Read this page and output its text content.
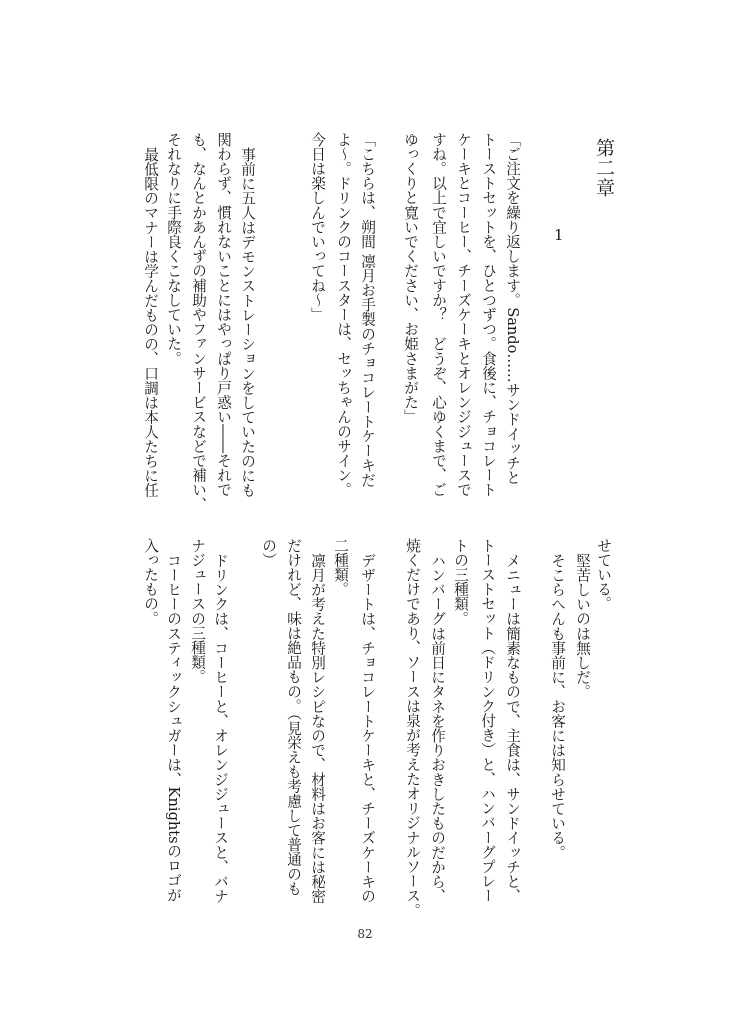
第二章
1
「ご注文を繰り返します。Sando……サンドイッチと
トーストセットを、ひとつずつ。食後に、チョコレート
ケーキとコーヒー、チーズケーキとオレンジジュースで
すね。以上で宜しいですか？　どうぞ、心ゆくまで、ご
ゆっくりと寛いでください、お姫さまがた」
「こちらは、朔間 凛月お手製のチョコレートケーキだ
よ～。ドリンクのコースターは、セッちゃんのサイン。
今日は楽しんでいってね～」
事前に五人はデモンストレーションをしていたのにも
関わらず、慣れないことにはやっぱり戸惑い――それで
も、なんとかあんずの補助やファンサービスなどで補い、
それなりに手際良くこなしていた。
最低限のマナーは学んだものの、口調は本人たちに任
せている。
堅苦しいのは無しだ。
そこらへんも事前に、お客には知らせている。
メニューは簡素なもので、主食は、サンドイッチと、
トーストセット（ドリンク付き）と、ハンバーグプレー
トの三種類。
ハンバーグは前日にタネを作りおきしたものだから、
焼くだけであり、ソースは泉が考えたオリジナルソース。
デザートは、チョコレートケーキと、チーズケーキの
二種類。
凛月が考えた特別レシピなので、材料はお客には秘密
だけれど、味は絶品もの。（見栄えも考慮して普通のも
の）
ドリンクは、コーヒーと、オレンジジュースと、バナ
ナジュースの三種類。
コーヒーのスティックシュガーは、Knightsのロゴが
入ったもの。
82
